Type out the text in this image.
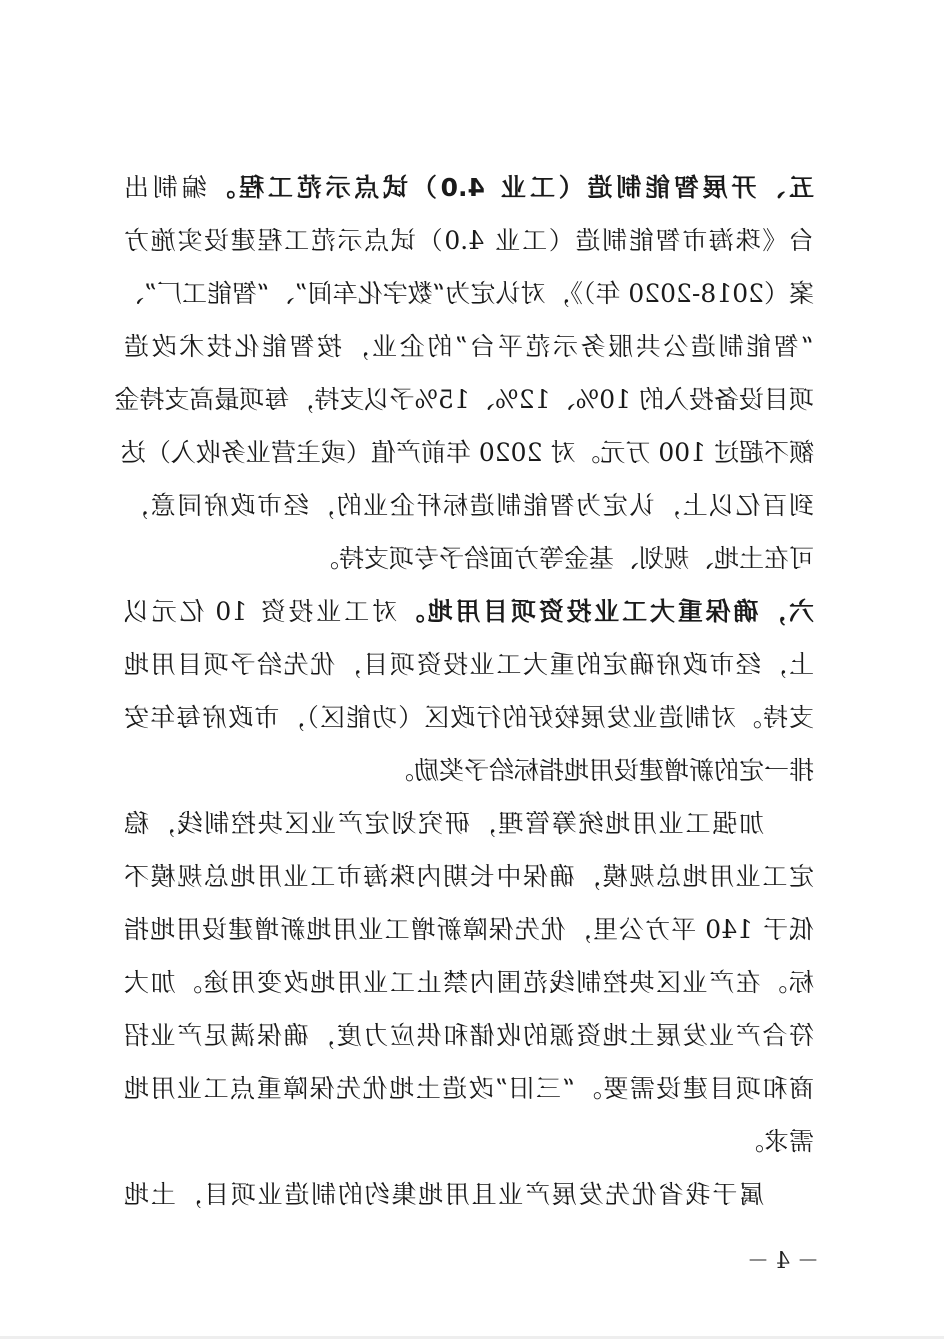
五、开展智能制造（工业 4.0）试点示范工程。编制出
台《珠海市智能制造（工业 4.0）试点示范工程建设实施方
案（2018-2020 年）》，对认定为“数字化车间”、“智能工厂”、
“智能制造公共服务示范平台”的企业，按智能化技术改造
项目设备投入的 10%、12%、15%予以支持，每项最高支持金
额不超过 100 万元。对 2020 年前产值（或主营业务收入）达
到百亿以上，认定为智能制造标杆企业的，经市政府同意，
可在土地、规划、基金等方面给予专项支持。
六，确保重大工业投资项目用地。对工业投资 10 亿元以
上，经市政府确定的重大工业投资项目，优先给予项目用地
支持。对制造业发展较好的行政区（功能区），市政府每年安
排一定的新增建设用地指标给予奖励。
加强工业用地统筹管理，研究划定产业区块控制线，稳
定工业用地总规模，确保中长期内珠海市工业用地总规模不
低于 140 平方公里，优先保障新增工业用地新增建设用地指
标。在产业区块控制线范围内禁止工业用地改变用途。加大
符合产业发展土地资源的收储和供应力度，确保满足产业招
商和项目建设需要。“三旧”改造土地优先保障重点工业用地
需求。
属于我省优先发展产业且用地集约的制造业项目，土地
－ 4 －
